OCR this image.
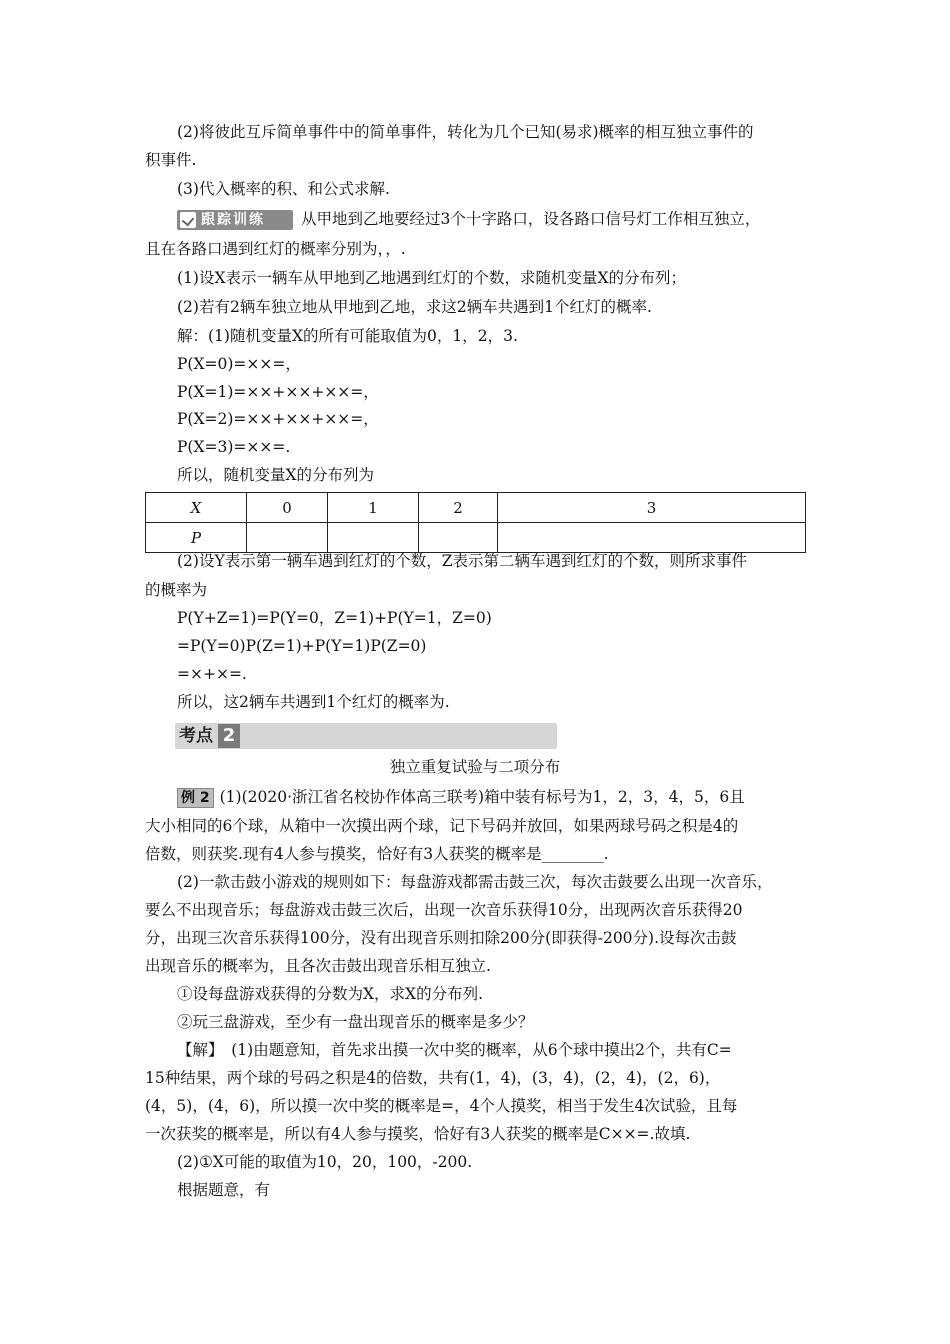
(2)将彼此互斥简单事件中的简单事件，转化为几个已知(易求)概率的相互独立事件的
积事件.
(3)代入概率的积、和公式求解.
跟踪训练 从甲地到乙地要经过3个十字路口，设各路口信号灯工作相互独立，
且在各路口遇到红灯的概率分别为，，.
(1)设X表示一辆车从甲地到乙地遇到红灯的个数，求随机变量X的分布列；
(2)若有2辆车独立地从甲地到乙地，求这2辆车共遇到1个红灯的概率.
解：(1)随机变量X的所有可能取值为0，1，2，3.
P(X=0)=××=，
P(X=1)=××+××+××=，
P(X=2)=××+××+××=，
P(X=3)=××=.
所以，随机变量X的分布列为
X	0	1	2	3
P				
(2)设Y表示第一辆车遇到红灯的个数，Z表示第二辆车遇到红灯的个数，则所求事件
的概率为
P(Y+Z=1)=P(Y=0，Z=1)+P(Y=1，Z=0)
=P(Y=0)P(Z=1)+P(Y=1)P(Z=0)
=×+×=.
所以，这2辆车共遇到1个红灯的概率为.
考点 2
独立重复试验与二项分布
例 2 (1)(2020·浙江省名校协作体高三联考)箱中装有标号为1，2，3，4，5，6且
大小相同的6个球，从箱中一次摸出两个球，记下号码并放回，如果两球号码之积是4的
倍数，则获奖.现有4人参与摸奖，恰好有3人获奖的概率是________.
(2)一款击鼓小游戏的规则如下：每盘游戏都需击鼓三次，每次击鼓要么出现一次音乐，
要么不出现音乐；每盘游戏击鼓三次后，出现一次音乐获得10分，出现两次音乐获得20
分，出现三次音乐获得100分，没有出现音乐则扣除200分(即获得-200分).设每次击鼓
出现音乐的概率为，且各次击鼓出现音乐相互独立.
①设每盘游戏获得的分数为X，求X的分布列.
②玩三盘游戏，至少有一盘出现音乐的概率是多少？
【解】　(1)由题意知，首先求出摸一次中奖的概率，从6个球中摸出2个，共有C=
15种结果，两个球的号码之积是4的倍数，共有(1，4)，(3，4)，(2，4)，(2，6)，
(4，5)，(4，6)，所以摸一次中奖的概率是=，4个人摸奖，相当于发生4次试验，且每
一次获奖的概率是，所以有4人参与摸奖，恰好有3人获奖的概率是C××=.故填.
(2)①X可能的取值为10，20，100，-200.
根据题意，有
